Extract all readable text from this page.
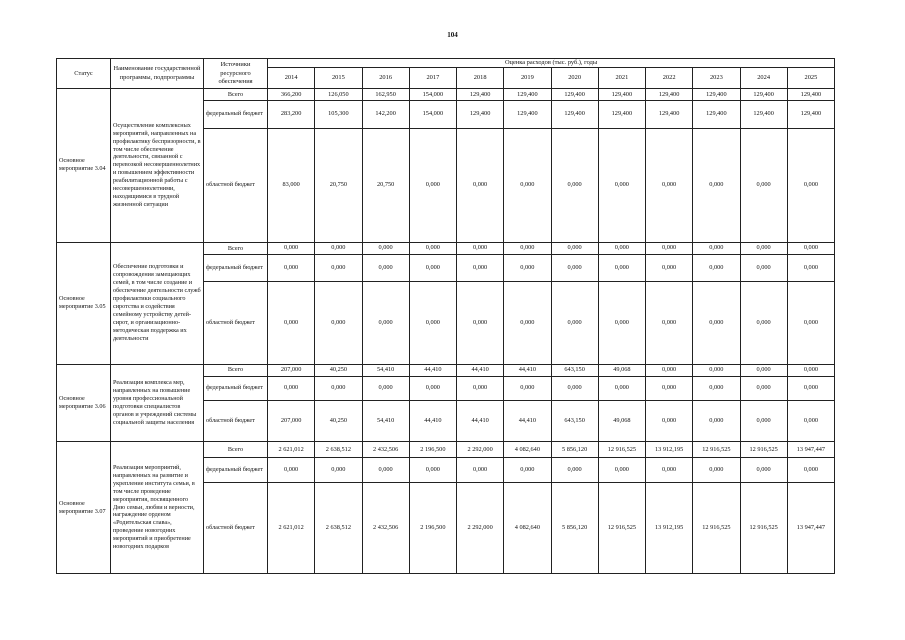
104
Статус	Наименование государственной программы, подпрограммы	Источники ресурсного обеспечения	Оценка расходов (тыс. руб.), годы											
			2014	2015	2016	2017	2018	2019	2020	2021	2022	2023	2024	2025
Основное мероприятие 3.04	Осуществление комплексных мероприятий, направленных на профилактику беспризорности, в том числе обеспечение деятельности, связанной с перевозкой несовершеннолетних и повышением эффективности реабилитационной работы с несовершеннолетними, находящимися в трудной жизненной ситуации	Всего	366,200	126,050	162,950	154,000	129,400	129,400	129,400	129,400	129,400	129,400	129,400	129,400
		федеральный бюджет	283,200	105,300	142,200	154,000	129,400	129,400	129,400	129,400	129,400	129,400	129,400	129,400
		областной бюджет	83,000	20,750	20,750	0,000	0,000	0,000	0,000	0,000	0,000	0,000	0,000	0,000
Основное мероприятие 3.05	Обеспечение подготовки и сопровождения замещающих семей, в том числе создание и обеспечение деятельности служб профилактики социального сиротства и содействия семейному устройству детей-сирот, и организационно-методическая поддержка их деятельности	Всего	0,000	0,000	0,000	0,000	0,000	0,000	0,000	0,000	0,000	0,000	0,000	0,000
		федеральный бюджет	0,000	0,000	0,000	0,000	0,000	0,000	0,000	0,000	0,000	0,000	0,000	0,000
		областной бюджет	0,000	0,000	0,000	0,000	0,000	0,000	0,000	0,000	0,000	0,000	0,000	0,000
Основное мероприятие 3.06	Реализация комплекса мер, направленных на повышение уровня профессиональной подготовки специалистов органов и учреждений системы социальной защиты населения	Всего	207,000	40,250	54,410	44,410	44,410	44,410	643,150	49,068	0,000	0,000	0,000	0,000
		федеральный бюджет	0,000	0,000	0,000	0,000	0,000	0,000	0,000	0,000	0,000	0,000	0,000	0,000
		областной бюджет	207,000	40,250	54,410	44,410	44,410	44,410	643,150	49,068	0,000	0,000	0,000	0,000
Основное мероприятие 3.07	Реализация мероприятий, направленных на развитие и укрепление института семьи, в том числе проведение мероприятия, посвященного Дню семьи, любви и верности, награждение орденом «Родительская слава», проведение новогодних мероприятий и приобретение новогодних подарков	Всего	2 621,012	2 638,512	2 432,506	2 196,500	2 292,000	4 082,640	5 856,120	12 916,525	13 912,195	12 916,525	12 916,525	13 947,447
		федеральный бюджет	0,000	0,000	0,000	0,000	0,000	0,000	0,000	0,000	0,000	0,000	0,000	0,000
		областной бюджет	2 621,012	2 638,512	2 432,506	2 196,500	2 292,000	4 082,640	5 856,120	12 916,525	13 912,195	12 916,525	12 916,525	13 947,447
